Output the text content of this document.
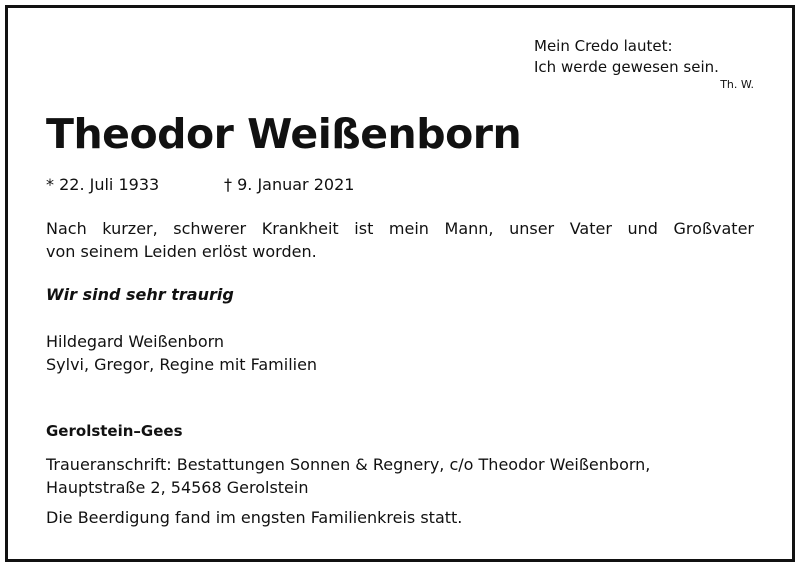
Mein Credo lautet:
Ich werde gewesen sein.
Th. W.
Theodor Weißenborn
* 22. Juli 1933	† 9. Januar 2021
Nach kurzer, schwerer Krankheit ist mein Mann, unser Vater und Großvater
von seinem Leiden erlöst worden.
Wir sind sehr traurig
Hildegard Weißenborn
Sylvi, Gregor, Regine mit Familien
Gerolstein–Gees
Traueranschrift: Bestattungen Sonnen & Regnery, c/o Theodor Weißenborn,
Hauptstraße 2, 54568 Gerolstein
Die Beerdigung fand im engsten Familienkreis statt.
